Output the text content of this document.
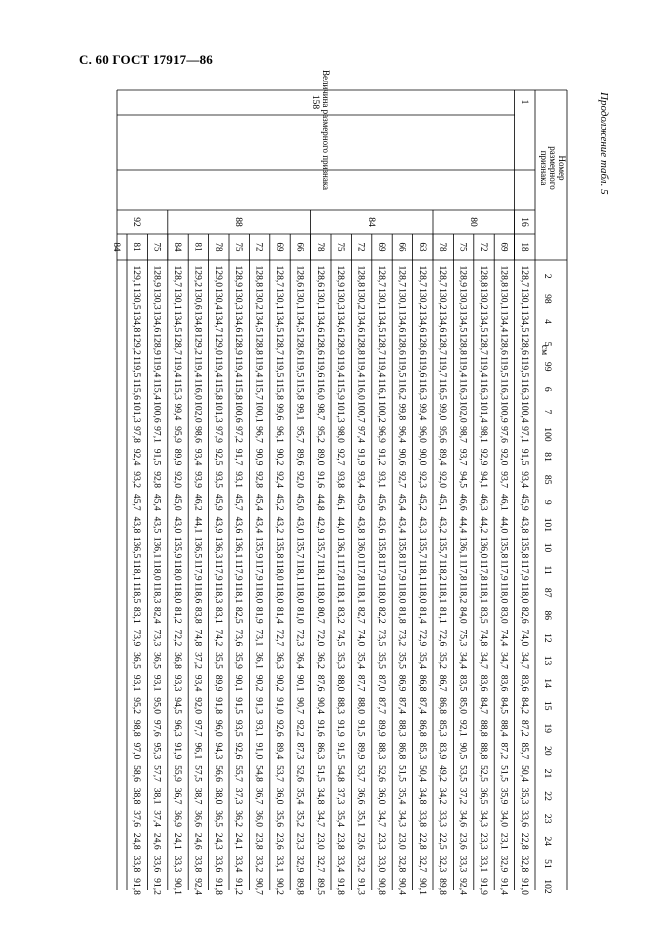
С. 60 ГОСТ 17917—86
Продолжение табл. 5
Номер
размерного
признака
Величина размерного признака	1
158
16
80
84
88
92
18
69
72
75
78
63
66
69
72
75
78
66
69
72
75
78
81
84
75
81
84
2
128,7
128,8
128,8
128,9
128,7
128,7
128,7
128,7
128,8
128,9
128,6
128,6
128,7
128,8
128,9
129,0
129,2
128,7
128,9
129,1
98
130,1
130,1
130,2
130,3
130,2
130,2
130,1
130,1
130,2
130,3
130,1
130,1
130,1
130,2
130,3
130,4
130,6
130,1
130,3
130,5
4
134,5
134,4
134,5
134,5
134,6
134,6
134,6
134,5
134,6
134,6
134,6
134,5
134,5
134,5
134,6
134,7
134,8
134,5
134,6
134,8
5
128,6
128,6
128,7
128,8
128,7
128,6
128,6
128,7
128,8
128,9
128,6
128,6
128,7
128,8
128,9
129,0
129,2
128,7
128,9
129,2
99
119,5
119,5
119,4
119,4
119,7
119,6
119,5
119,4
119,4
119,4
119,6
119,5
119,5
119,4
119,4
119,4
119,4
119,4
119,4
119,5
6
116,3
116,3
116,3
116,3
116,5
116,3
116,2
116,1
116,0
115,9
116,0
115,8
115,8
115,7
115,8
115,8
116,0
115,3
115,4
115,6
7
100,4
100,9
101,4
102,0
99,0
99,4
99,8
100,2
100,7
101,3
98,7
99,1
99,6
100,1
100,6
101,3
102,0
99,4
100,6
101,3
100
97,1
97,6
98,1
98,7
95,6
96,0
96,4
96,9
97,4
98,0
95,2
95,7
96,1
96,7
97,2
97,9
98,6
95,9
97,1
97,8
81
91,5
92,0
92,9
93,7
89,4
90,0
90,6
91,2
91,9
92,7
89,0
89,6
90,2
90,9
91,7
92,5
93,4
89,9
91,5
92,4
85
93,4
93,7
94,1
94,5
92,0
92,3
92,7
93,1
93,4
93,8
91,6
92,0
92,4
92,8
93,1
93,5
93,9
92,0
92,8
93,2
9
45,9
46,1
46,3
46,6
45,1
45,2
45,4
45,6
45,9
46,1
44,8
45,0
45,2
45,4
45,7
45,9
46,2
45,0
45,4
45,7
101
43,8
44,0
44,2
44,4
43,2
43,3
43,4
43,6
43,8
44,0
42,9
43,0
43,2
43,4
43,6
43,9
44,1
43,0
43,5
43,8
10
135,8
135,8
136,0
136,1
135,7
135,7
135,8
135,8
136,0
136,1
135,7
135,7
135,8
135,9
136,1
136,3
136,5
135,9
136,1
136,5
11
117,9
117,9
117,8
117,8
118,2
118,1
117,9
117,9
117,8
117,8
118,1
118,1
118,0
117,9
117,9
117,9
117,9
118,0
118,0
118,1
87
118,0
118,0
118,1
118,2
118,1
118,0
118,0
118,0
118,1
118,1
118,0
118,0
118,0
118,0
118,1
118,3
118,6
118,0
118,3
118,5
86
82,6
83,0
83,5
84,0
81,1
81,4
81,8
82,2
82,7
83,2
80,7
81,0
81,4
81,9
82,5
83,1
83,8
81,2
82,4
83,1
12
74,0
74,4
74,8
75,3
72,6
72,9
73,2
73,5
74,0
74,5
72,0
72,3
72,7
73,1
73,6
74,2
74,8
72,2
73,3
73,9
13
34,7
34,7
34,7
34,4
35,2
35,4
35,5
35,5
35,4
35,3
36,2
36,4
36,3
36,1
35,9
35,5
37,2
36,8
36,5
36,5
14
83,6
83,6
83,6
83,5
86,7
86,8
86,9
87,0
87,7
88,0
87,6
90,1
90,2
90,2
90,1
89,9
93,4
93,3
93,1
93,1
15
84,2
84,5
84,7
85,0
86,8
87,4
87,4
87,7
88,0
88,3
90,4
90,7
91,0
91,3
91,5
91,8
92,0
94,5
95,0
95,2
19
87,2
88,4
88,8
92,1
85,3
86,8
88,3
89,9
91,5
91,9
91,6
92,2
92,6
93,1
93,5
96,0
97,7
96,3
97,6
98,8
20
85,7
87,2
88,8
90,5
83,9
85,3
86,8
88,3
89,9
91,5
86,3
87,3
89,4
91,0
92,6
94,3
96,1
91,9
95,3
97,0
21
50,4
51,5
52,5
53,5
49,2
50,4
51,5
52,6
53,7
54,8
51,5
52,6
53,7
54,8
55,7
56,6
57,5
55,9
57,7
58,6
22
35,3
35,9
36,5
37,2
34,2
34,8
35,4
36,0
36,6
37,3
34,8
35,4
36,0
36,7
37,3
38,0
38,7
36,7
38,1
38,8
23
33,6
34,0
34,3
34,6
33,3
33,8
34,3
34,7
35,1
35,4
34,7
35,2
35,6
36,0
36,2
36,5
36,6
36,9
37,4
37,6
24
22,8
23,1
23,3
23,6
22,5
22,8
23,0
23,3
23,6
23,8
23,0
23,3
23,6
23,8
24,1
24,3
24,6
24,1
24,6
24,8
51
32,8
32,9
33,1
33,3
32,3
32,7
32,8
33,0
33,2
33,4
32,7
32,9
33,1
33,2
33,4
33,6
33,8
33,3
33,6
33,8
102
91,0
91,4
91,9
92,4
89,8
90,1
90,4
90,8
91,3
91,8
89,5
89,8
90,2
90,7
91,2
91,8
92,4
90,1
91,2
91,8
см
